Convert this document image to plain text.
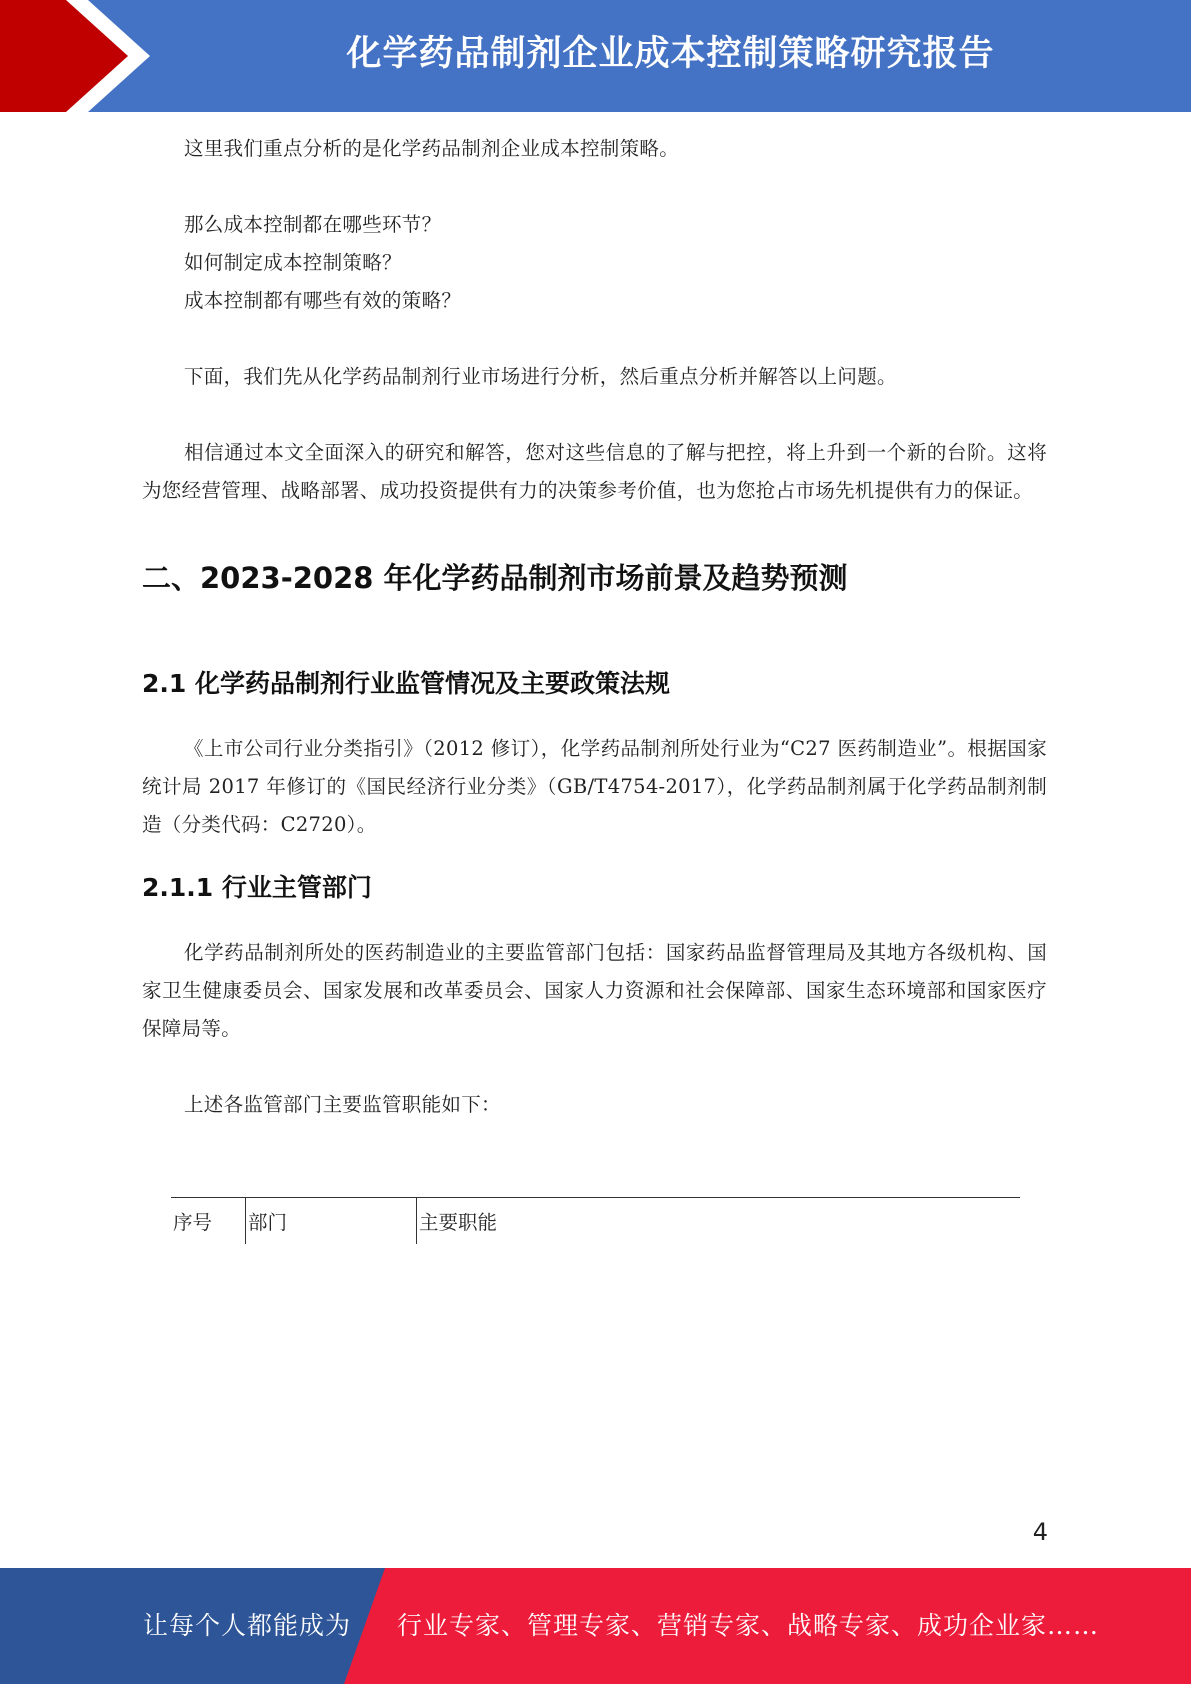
化学药品制剂企业成本控制策略研究报告

这里我们重点分析的是化学药品制剂企业成本控制策略。

那么成本控制都在哪些环节？

如何制定成本控制策略？

成本控制都有哪些有效的策略？

下面，我们先从化学药品制剂行业市场进行分析，然后重点分析并解答以上问题。

相信通过本文全面深入的研究和解答，您对这些信息的了解与把控，将上升到一个新的台阶。这将为您经营管理、战略部署、成功投资提供有力的决策参考价值，也为您抢占市场先机提供有力的保证。

二、2023-2028 年化学药品制剂市场前景及趋势预测
2.1 化学药品制剂行业监管情况及主要政策法规

《上市公司行业分类指引》（2012 修订），化学药品制剂所处行业为“C27 医药制造业”。根据国家统计局 2017 年修订的《国民经济行业分类》（GB/T4754-2017），化学药品制剂属于化学药品制剂制造（分类代码：C2720）。

2.1.1 行业主管部门

化学药品制剂所处的医药制造业的主要监管部门包括：国家药品监督管理局及其地方各级机构、国家卫生健康委员会、国家发展和改革委员会、国家人力资源和社会保障部、国家生态环境部和国家医疗保障局等。

上述各监管部门主要监管职能如下：

序号	部门	主要职能
4
让每个人都能成为 行业专家、管理专家、营销专家、战略专家、成功企业家……
